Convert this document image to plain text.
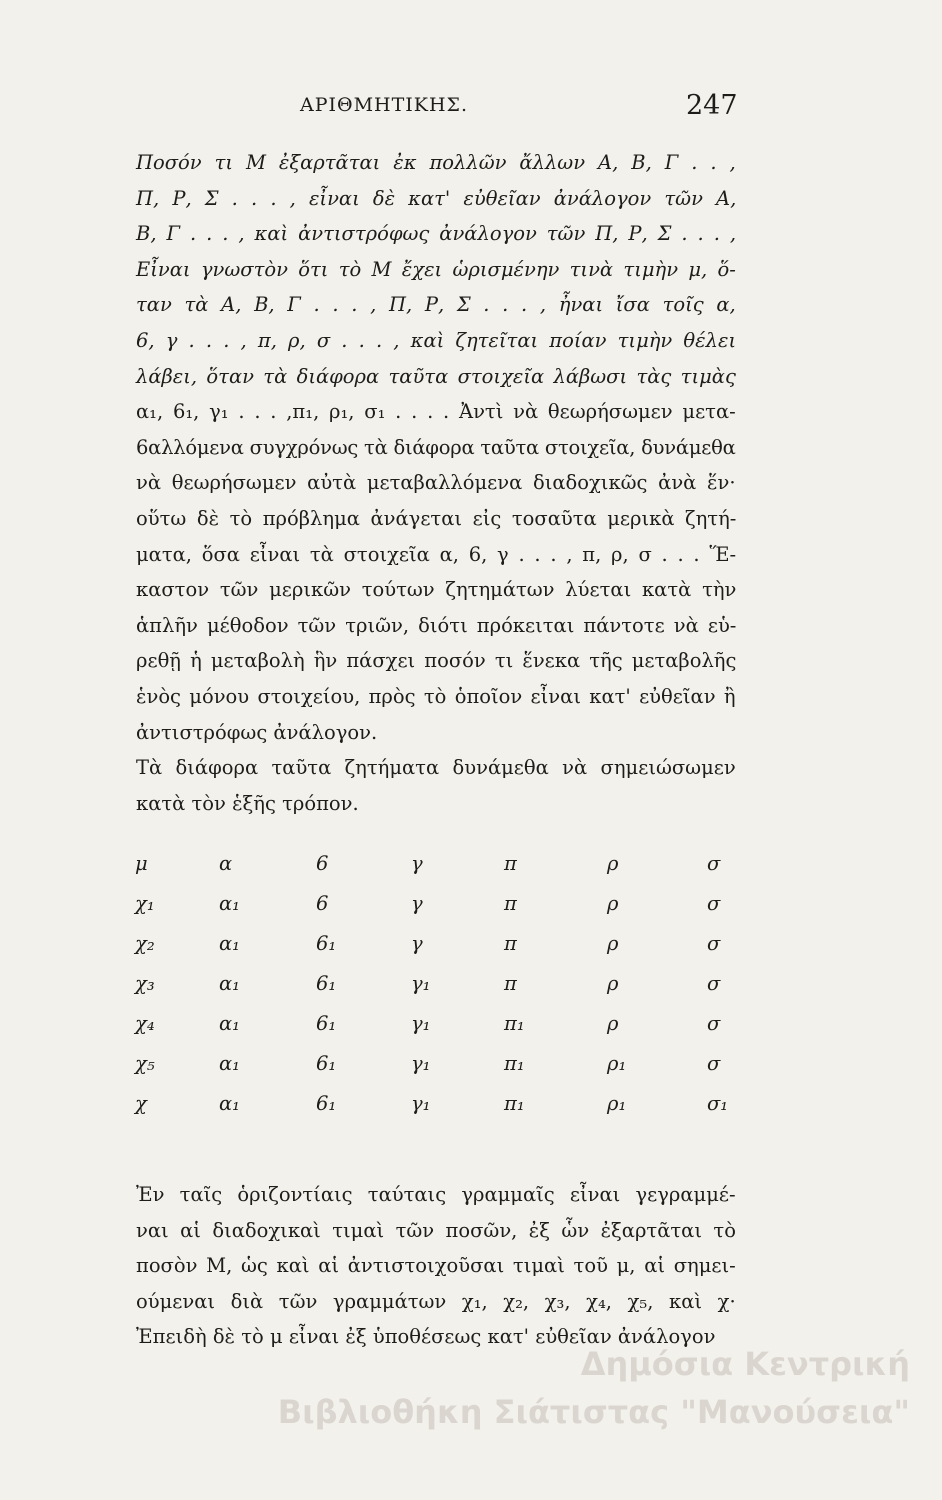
ΑΡΙΘΜΗΤΙΚΗΣ.	247
Ποσόν τι Μ ἐξαρτᾶται ἐκ πολλῶν ἄλλων Α, Β, Γ . . ,
Π, Ρ, Σ . . . , εἶναι δὲ κατ' εὐθεῖαν ἀνάλογον τῶν Α,
Β, Γ . . . , καὶ ἀντιστρόφως ἀνάλογον τῶν Π, Ρ, Σ . . . ,
Εἶναι γνωστὸν ὅτι τὸ Μ ἔχει ὡρισμένην τινὰ τιμὴν μ, ὅ-
ταν τὰ Α, Β, Γ . . . , Π, Ρ, Σ . . . , ἦναι ἴσα τοῖς α,
6, γ . . . , π, ρ, σ . . . , καὶ ζητεῖται ποίαν τιμὴν θέλει
λάβει, ὅταν τὰ διάφορα ταῦτα στοιχεῖα λάβωσι τὰς τιμὰς
α₁, 6₁, γ₁ . . . ,π₁, ρ₁, σ₁ . . . . Ἀντὶ νὰ θεωρήσωμεν μετα-
6αλλόμενα συγχρόνως τὰ διάφορα ταῦτα στοιχεῖα, δυνάμεθα
νὰ θεωρήσωμεν αὐτὰ μεταβαλλόμενα διαδοχικῶς ἀνὰ ἕν·
οὕτω δὲ τὸ πρόβλημα ἀνάγεται εἰς τοσαῦτα μερικὰ ζητή-
ματα, ὅσα εἶναι τὰ στοιχεῖα α, 6, γ . . . , π, ρ, σ . . . Ἕ-
καστον τῶν μερικῶν τούτων ζητημάτων λύεται κατὰ τὴν
ἁπλῆν μέθοδον τῶν τριῶν, διότι πρόκειται πάντοτε νὰ εὑ-
ρεθῇ ἡ μεταβολὴ ἣν πάσχει ποσόν τι ἕνεκα τῆς μεταβολῆς
ἑνὸς μόνου στοιχείου, πρὸς τὸ ὁποῖον εἶναι κατ' εὐθεῖαν ἢ
ἀντιστρόφως ἀνάλογον.
Τὰ διάφορα ταῦτα ζητήματα δυνάμεθα νὰ σημειώσωμεν
κατὰ τὸν ἑξῆς τρόπον.
μ	α	6	γ	π	ρ	σ
χ₁	α₁	6	γ	π	ρ	σ
χ₂	α₁	6₁	γ	π	ρ	σ
χ₃	α₁	6₁	γ₁	π	ρ	σ
χ₄	α₁	6₁	γ₁	π₁	ρ	σ
χ₅	α₁	6₁	γ₁	π₁	ρ₁	σ
χ	α₁	6₁	γ₁	π₁	ρ₁	σ₁
Ἐν ταῖς ὁριζοντίαις ταύταις γραμμαῖς εἶναι γεγραμμέ-
ναι αἱ διαδοχικαὶ τιμαὶ τῶν ποσῶν, ἐξ ὧν ἐξαρτᾶται τὸ
ποσὸν Μ, ὡς καὶ αἱ ἀντιστοιχοῦσαι τιμαὶ τοῦ μ, αἱ σημει-
ούμεναι διὰ τῶν γραμμάτων χ₁, χ₂, χ₃, χ₄, χ₅, καὶ χ·
Ἐπειδὴ δὲ τὸ μ εἶναι ἐξ ὑποθέσεως κατ' εὐθεῖαν ἀνάλογον
Δημόσια Κεντρική
Βιβλιοθήκη Σιάτιστας "Μανούσεια"
